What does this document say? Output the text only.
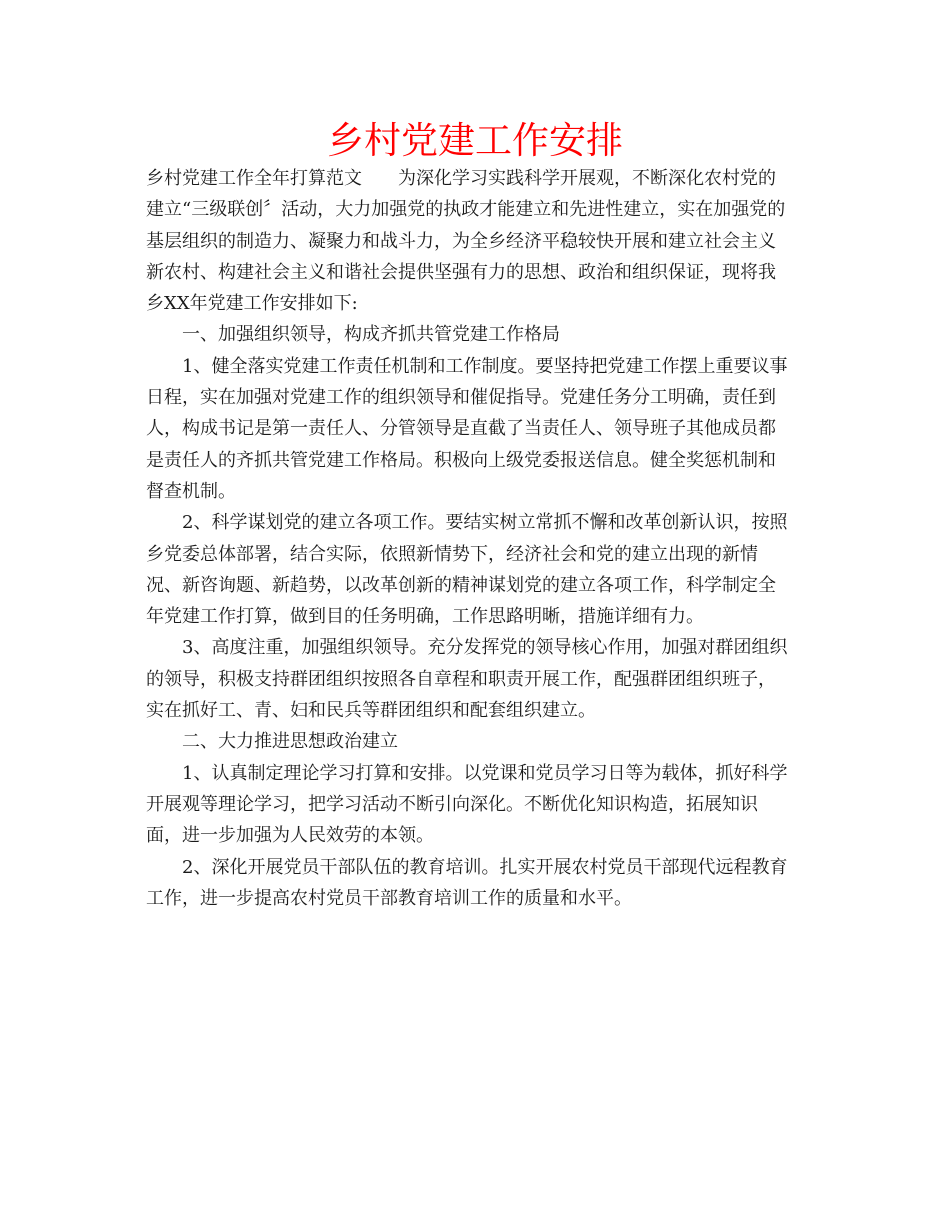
乡村党建工作安排
乡村党建工作全年打算范文　　为深化学习实践科学开展观，不断深化农村党的
建立“三级联创〞活动，大力加强党的执政才能建立和先进性建立，实在加强党的
基层组织的制造力、凝聚力和战斗力，为全乡经济平稳较快开展和建立社会主义
新农村、构建社会主义和谐社会提供坚强有力的思想、政治和组织保证，现将我
乡XX年党建工作安排如下:
一、加强组织领导，构成齐抓共管党建工作格局
1、健全落实党建工作责任机制和工作制度。要坚持把党建工作摆上重要议事
日程，实在加强对党建工作的组织领导和催促指导。党建任务分工明确，责任到
人，构成书记是第一责任人、分管领导是直截了当责任人、领导班子其他成员都
是责任人的齐抓共管党建工作格局。积极向上级党委报送信息。健全奖惩机制和
督查机制。
2、科学谋划党的建立各项工作。要结实树立常抓不懈和改革创新认识，按照
乡党委总体部署，结合实际，依照新情势下，经济社会和党的建立出现的新情
况、新咨询题、新趋势，以改革创新的精神谋划党的建立各项工作，科学制定全
年党建工作打算，做到目的任务明确，工作思路明晰，措施详细有力。
3、高度注重，加强组织领导。充分发挥党的领导核心作用，加强对群团组织
的领导，积极支持群团组织按照各自章程和职责开展工作，配强群团组织班子，
实在抓好工、青、妇和民兵等群团组织和配套组织建立。
二、大力推进思想政治建立
1、认真制定理论学习打算和安排。以党课和党员学习日等为载体，抓好科学
开展观等理论学习，把学习活动不断引向深化。不断优化知识构造，拓展知识
面，进一步加强为人民效劳的本领。
2、深化开展党员干部队伍的教育培训。扎实开展农村党员干部现代远程教育
工作，进一步提高农村党员干部教育培训工作的质量和水平。
